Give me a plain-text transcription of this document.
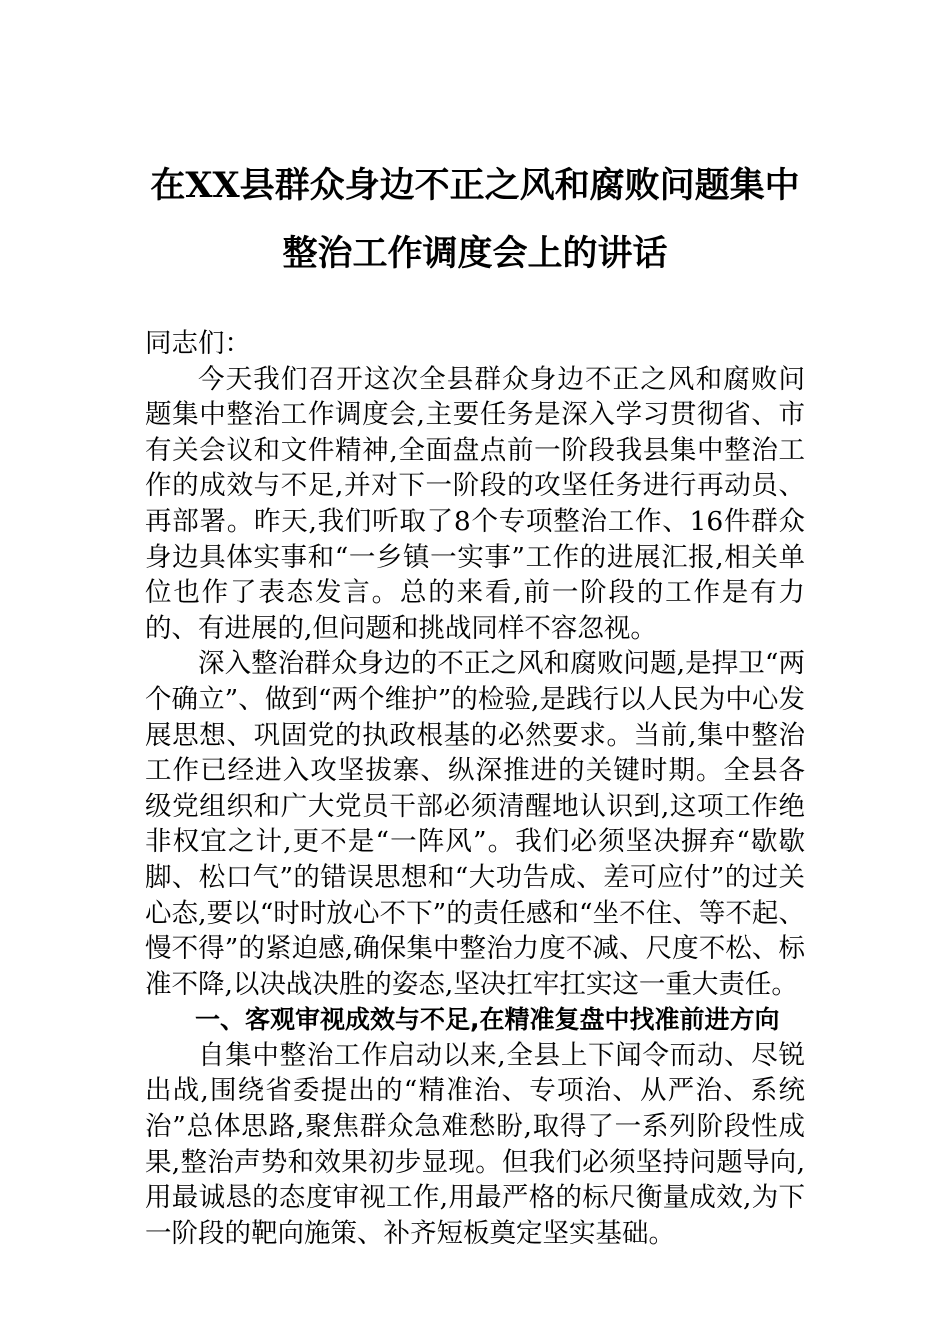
在XX县群众身边不正之风和腐败问题集中
整治工作调度会上的讲话

同志们：

今天我们召开这次全县群众身边不正之风和腐败问题集中整治工作调度会,主要任务是深入学习贯彻省、市有关会议和文件精神,全面盘点前一阶段我县集中整治工作的成效与不足,并对下一阶段的攻坚任务进行再动员、再部署。昨天,我们听取了8个专项整治工作、16件群众身边具体实事和“一乡镇一实事”工作的进展汇报,相关单位也作了表态发言。总的来看,前一阶段的工作是有力的、有进展的,但问题和挑战同样不容忽视。

深入整治群众身边的不正之风和腐败问题,是捍卫“两个确立”、做到“两个维护”的检验,是践行以人民为中心发展思想、巩固党的执政根基的必然要求。当前,集中整治工作已经进入攻坚拔寨、纵深推进的关键时期。全县各级党组织和广大党员干部必须清醒地认识到,这项工作绝非权宜之计,更不是“一阵风”。我们必须坚决摒弃“歇歇脚、松口气”的错误思想和“大功告成、差可应付”的过关心态,要以“时时放心不下”的责任感和“坐不住、等不起、慢不得”的紧迫感,确保集中整治力度不减、尺度不松、标准不降,以决战决胜的姿态,坚决扛牢扛实这一重大责任。

一、客观审视成效与不足,在精准复盘中找准前进方向

自集中整治工作启动以来,全县上下闻令而动、尽锐出战,围绕省委提出的“精准治、专项治、从严治、系统治”总体思路,聚焦群众急难愁盼,取得了一系列阶段性成果,整治声势和效果初步显现。但我们必须坚持问题导向,用最诚恳的态度审视工作,用最严格的标尺衡量成效,为下一阶段的靶向施策、补齐短板奠定坚实基础。
